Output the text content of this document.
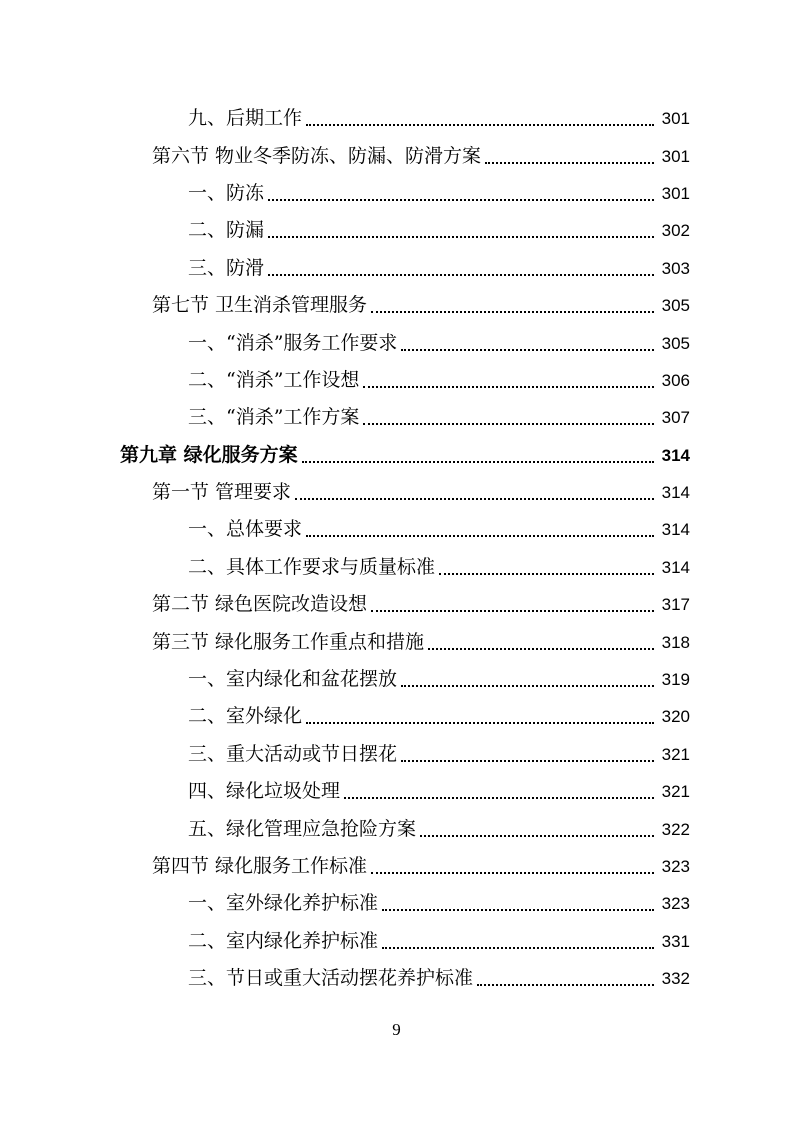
九、后期工作	301
第六节 物业冬季防冻、防漏、防滑方案	301
一、防冻	301
二、防漏	302
三、防滑	303
第七节 卫生消杀管理服务	305
一、“消杀”服务工作要求	305
二、“消杀”工作设想	306
三、“消杀”工作方案	307
第九章 绿化服务方案	314
第一节 管理要求	314
一、总体要求	314
二、具体工作要求与质量标准	314
第二节 绿色医院改造设想	317
第三节 绿化服务工作重点和措施	318
一、室内绿化和盆花摆放	319
二、室外绿化	320
三、重大活动或节日摆花	321
四、绿化垃圾处理	321
五、绿化管理应急抢险方案	322
第四节 绿化服务工作标准	323
一、室外绿化养护标准	323
二、室内绿化养护标准	331
三、节日或重大活动摆花养护标准	332
9
